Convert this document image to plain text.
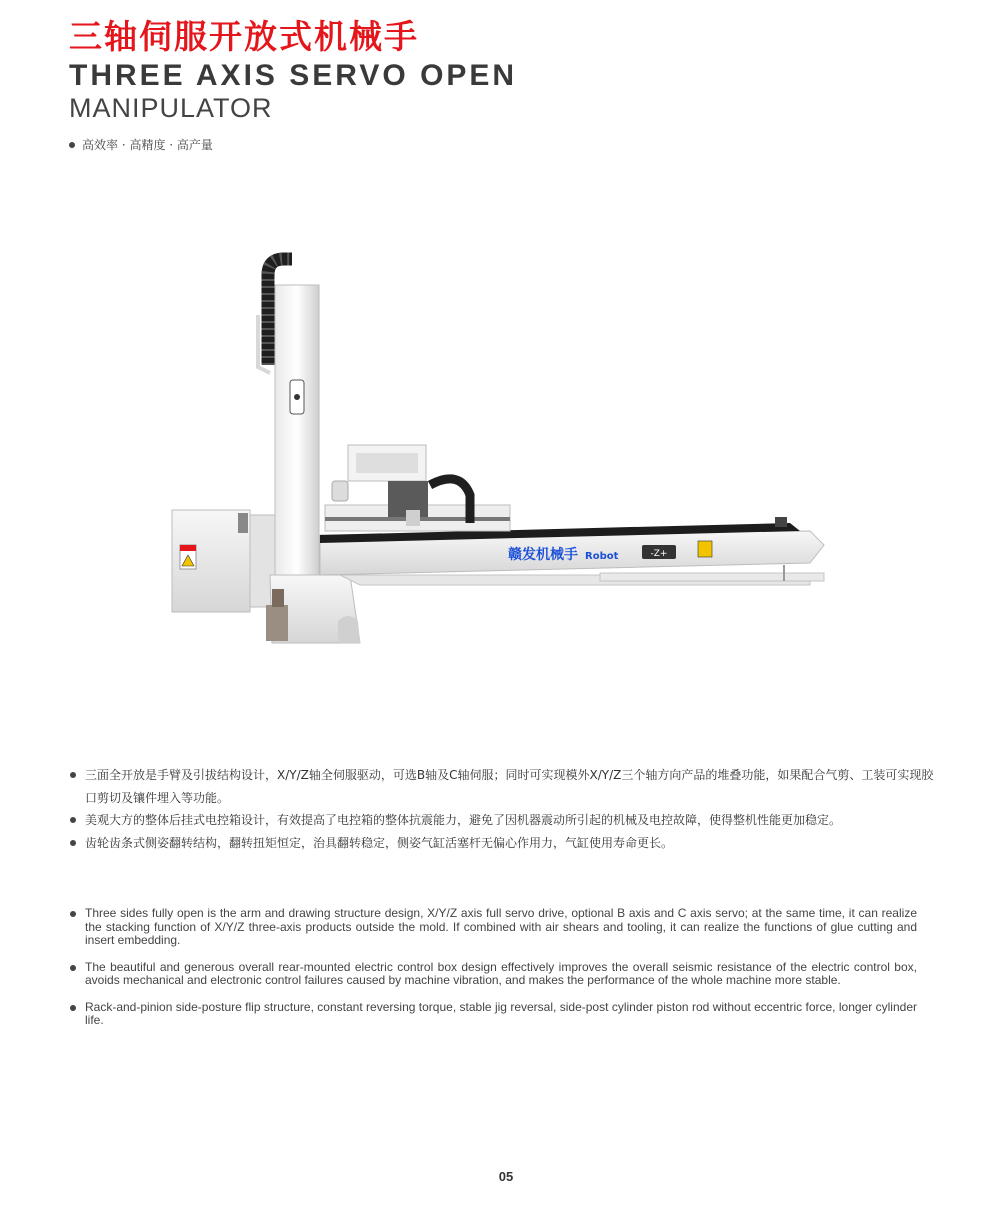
三轴伺服开放式机械手
THREE AXIS SERVO OPEN
MANIPULATOR
高效率 · 高精度 · 高产量
赣发机械手 Robot	-Z+
三面全开放是手臂及引拔结构设计，X/Y/Z轴全伺服驱动，可选B轴及C轴伺服；同时可实现模外X/Y/Z三个轴方向产品的堆叠功能，如果配合气剪、工装可实现胶口剪切及镶件埋入等功能。
美观大方的整体后挂式电控箱设计，有效提高了电控箱的整体抗震能力，避免了因机器震动所引起的机械及电控故障，使得整机性能更加稳定。
齿轮齿条式侧姿翻转结构，翻转扭矩恒定，治具翻转稳定，侧姿气缸活塞杆无偏心作用力，气缸使用寿命更长。
Three sides fully open is the arm and drawing structure design, X/Y/Z axis full servo drive, optional B axis and C axis servo; at the same time, it can realize the stacking function of X/Y/Z three-axis products outside the mold. If combined with air shears and tooling, it can realize the functions of glue cutting and insert embedding.
The beautiful and generous overall rear-mounted electric control box design effectively improves the overall seismic resistance of the electric control box, avoids mechanical and electronic control failures caused by machine vibration, and makes the performance of the whole machine more stable.
Rack-and-pinion side-posture flip structure, constant reversing torque, stable jig reversal, side-post cylinder piston rod without eccentric force, longer cylinder life.
05
